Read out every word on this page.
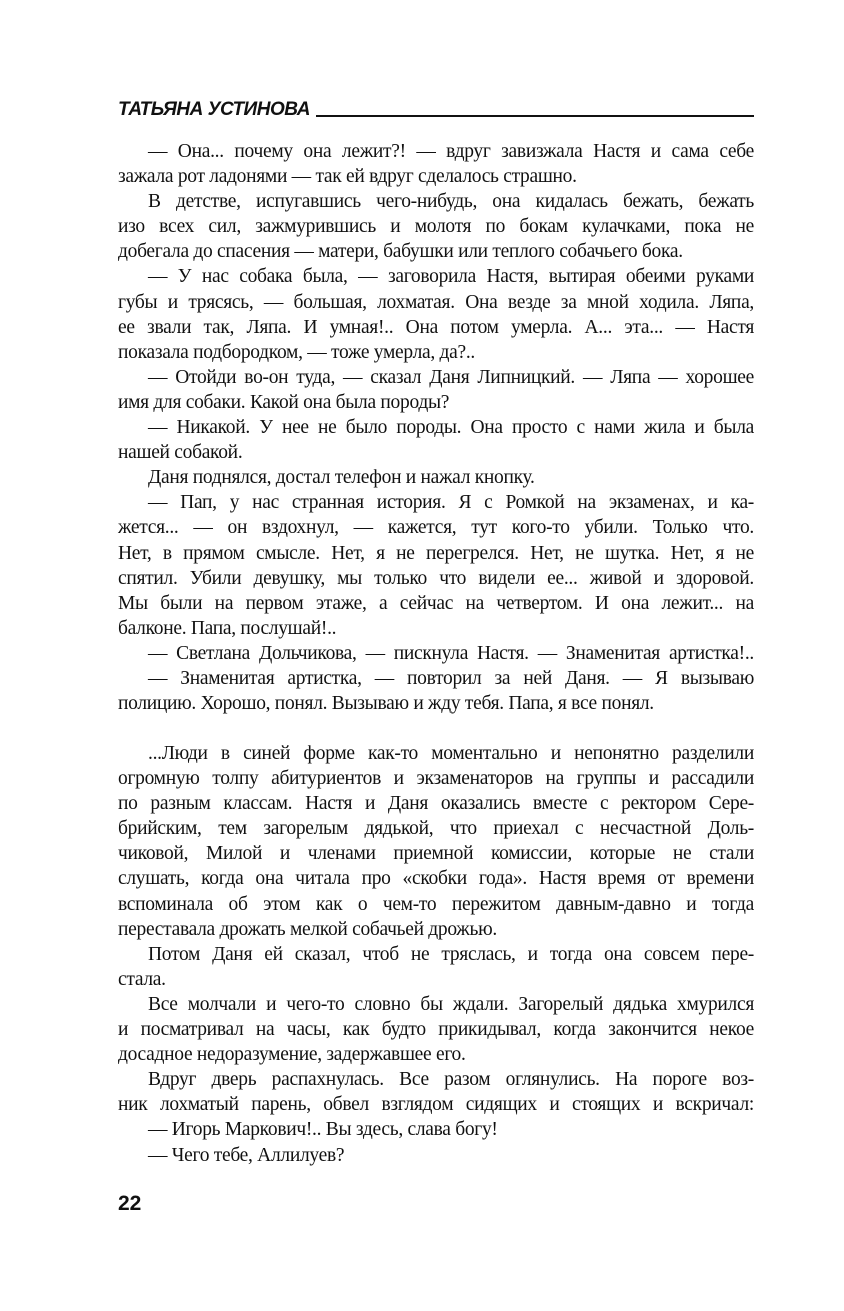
ТАТЬЯНА УСТИНОВА
— Она... почему она лежит?! — вдруг завизжала Настя и сама себе
зажала рот ладонями — так ей вдруг сделалось страшно.
В детстве, испугавшись чего-нибудь, она кидалась бежать, бежать
изо всех сил, зажмурившись и молотя по бокам кулачками, пока не
добегала до спасения — матери, бабушки или теплого собачьего бока.
— У нас собака была, — заговорила Настя, вытирая обеими руками
губы и трясясь, — большая, лохматая. Она везде за мной ходила. Ляпа,
ее звали так, Ляпа. И умная!.. Она потом умерла. А... эта... — Настя
показала подбородком, — тоже умерла, да?..
— Отойди во-он туда, — сказал Даня Липницкий. — Ляпа — хорошее
имя для собаки. Какой она была породы?
— Никакой. У нее не было породы. Она просто с нами жила и была
нашей собакой.
Даня поднялся, достал телефон и нажал кнопку.
— Пап, у нас странная история. Я с Ромкой на экзаменах, и ка-
жется... — он вздохнул, — кажется, тут кого-то убили. Только что.
Нет, в прямом смысле. Нет, я не перегрелся. Нет, не шутка. Нет, я не
спятил. Убили девушку, мы только что видели ее... живой и здоровой.
Мы были на первом этаже, а сейчас на четвертом. И она лежит... на
балконе. Папа, послушай!..
— Светлана Дольчикова, — пискнула Настя. — Знаменитая артистка!..
— Знаменитая артистка, — повторил за ней Даня. — Я вызываю
полицию. Хорошо, понял. Вызываю и жду тебя. Папа, я все понял.
...Люди в синей форме как-то моментально и непонятно разделили
огромную толпу абитуриентов и экзаменаторов на группы и рассадили
по разным классам. Настя и Даня оказались вместе с ректором Сере-
брийским, тем загорелым дядькой, что приехал с несчастной Доль-
чиковой, Милой и членами приемной комиссии, которые не стали
слушать, когда она читала про «скобки года». Настя время от времени
вспоминала об этом как о чем-то пережитом давным-давно и тогда
переставала дрожать мелкой собачьей дрожью.
Потом Даня ей сказал, чтоб не тряслась, и тогда она совсем пере-
стала.
Все молчали и чего-то словно бы ждали. Загорелый дядька хмурился
и посматривал на часы, как будто прикидывал, когда закончится некое
досадное недоразумение, задержавшее его.
Вдруг дверь распахнулась. Все разом оглянулись. На пороге воз-
ник лохматый парень, обвел взглядом сидящих и стоящих и вскричал:
— Игорь Маркович!.. Вы здесь, слава богу!
— Чего тебе, Аллилуев?
22
